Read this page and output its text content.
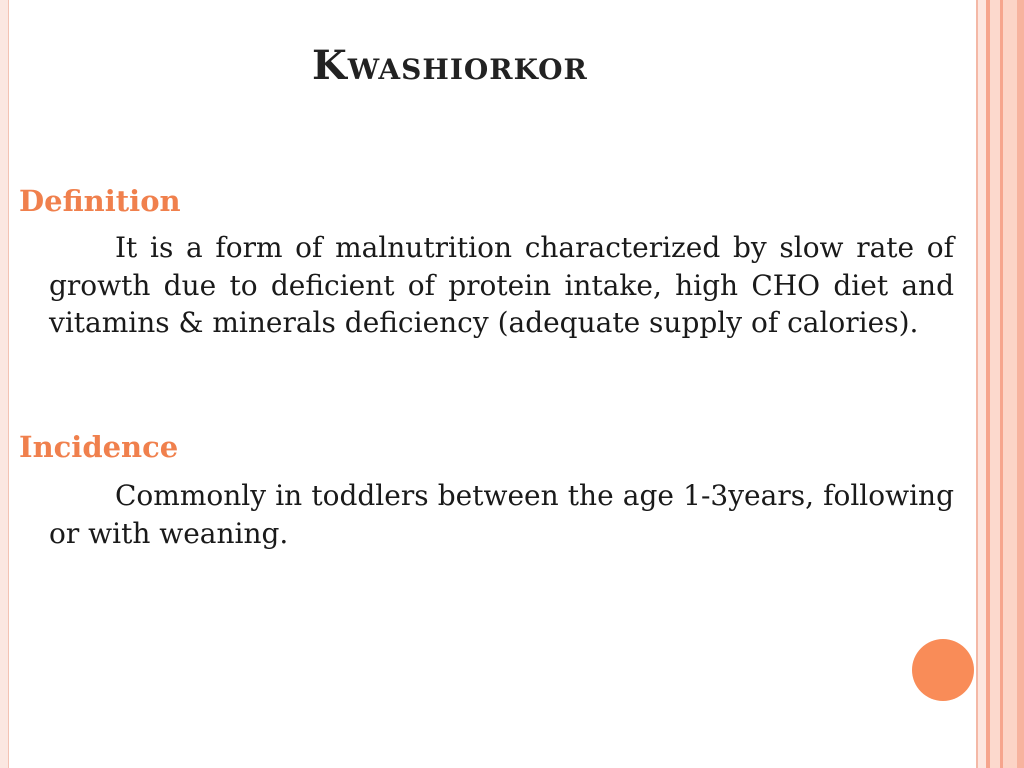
Kwashiorkor
Definition

It is a form of malnutrition characterized by slow rate of growth due to deficient of protein intake, high CHO diet and vitamins & minerals deficiency (adequate supply of calories).

Incidence

Commonly in toddlers between the age 1-3years, following or with weaning.
